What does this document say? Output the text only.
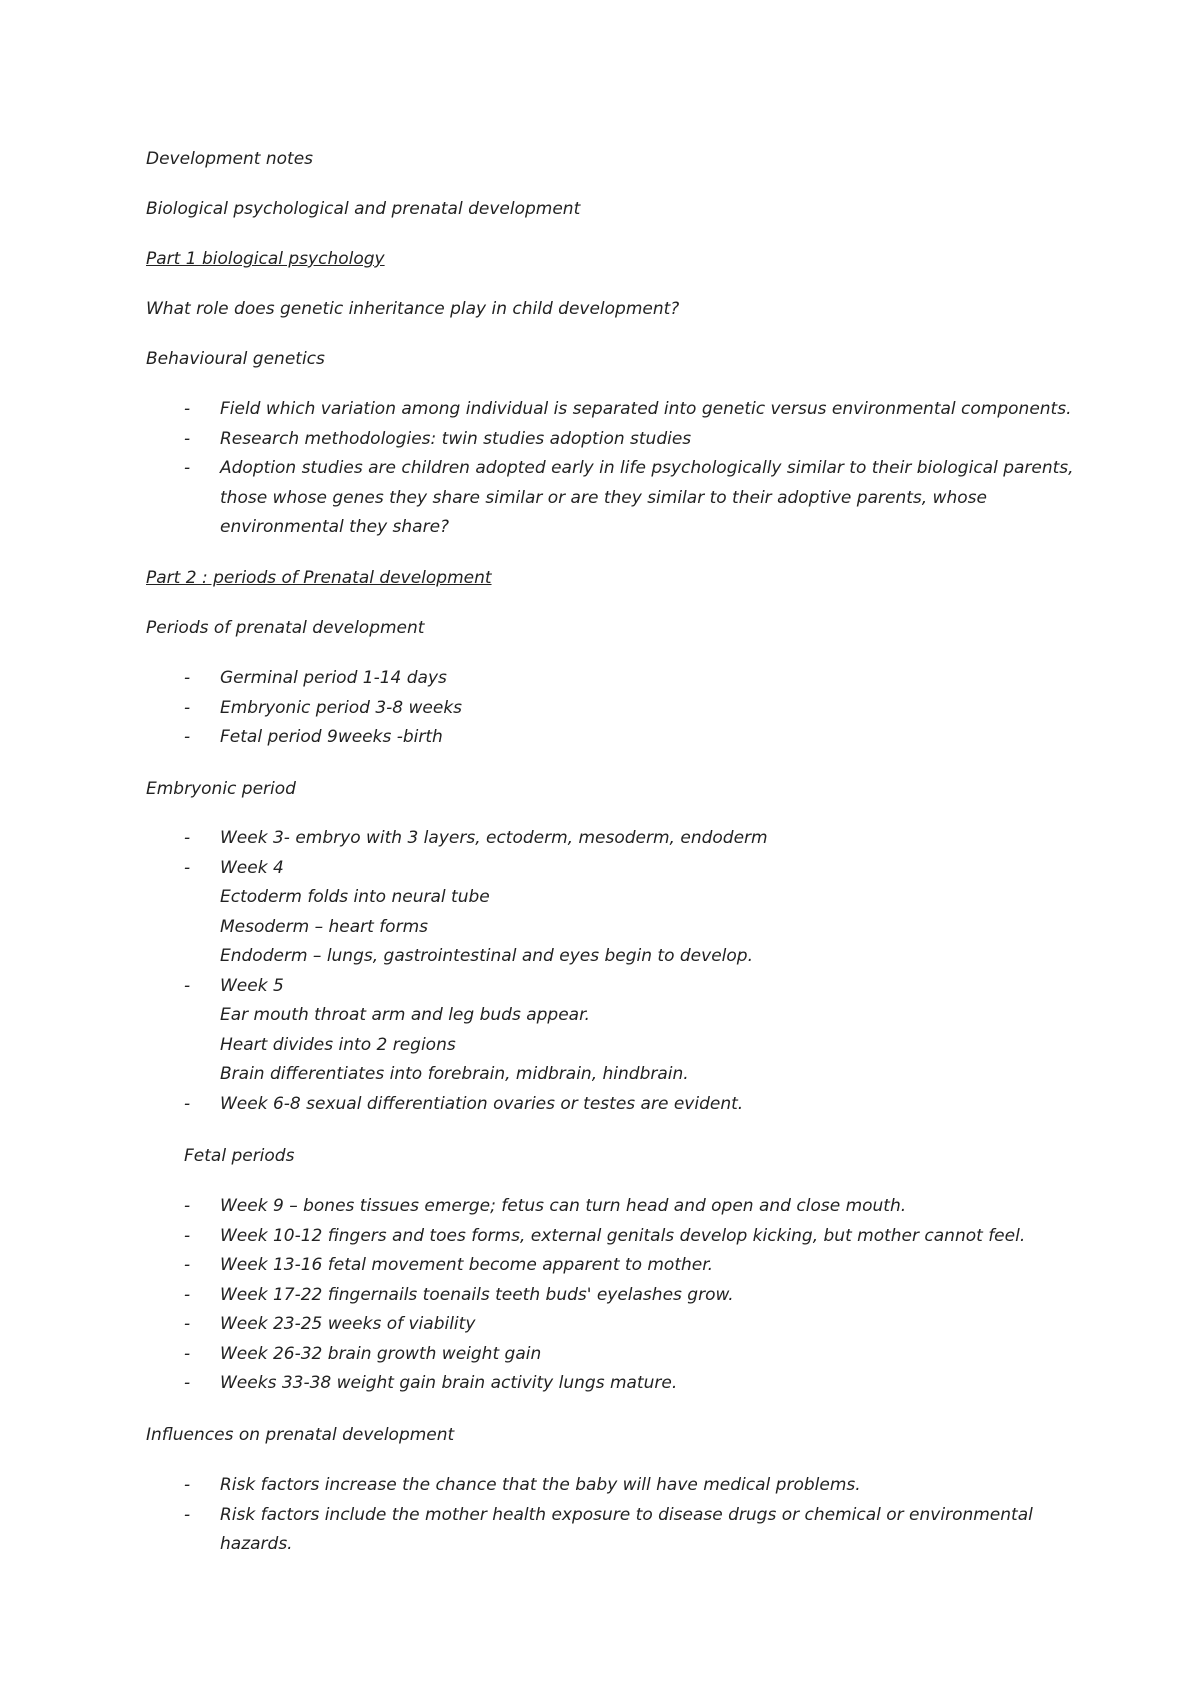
Development notes
Biological psychological and prenatal development
Part 1 biological psychology
What role does genetic inheritance play in child development?
Behavioural genetics
- Field which variation among individual is separated into genetic versus environmental components.
- Research methodologies: twin studies adoption studies
- Adoption studies are children adopted early in life psychologically similar to their biological parents,
those whose genes they share similar or are they similar to their adoptive parents, whose
environmental they share?
Part 2 : periods of Prenatal development
Periods of prenatal development
- Germinal period 1-14 days
- Embryonic period 3-8 weeks
- Fetal period 9weeks -birth
Embryonic period
- Week 3- embryo with 3 layers, ectoderm, mesoderm, endoderm
- Week 4
Ectoderm folds into neural tube
Mesoderm – heart forms
Endoderm – lungs, gastrointestinal and eyes begin to develop.
- Week 5
Ear mouth throat arm and leg buds appear.
Heart divides into 2 regions
Brain differentiates into forebrain, midbrain, hindbrain.
- Week 6-8 sexual differentiation ovaries or testes are evident.
Fetal periods
- Week 9 – bones tissues emerge; fetus can turn head and open and close mouth.
- Week 10-12 fingers and toes forms, external genitals develop kicking, but mother cannot feel.
- Week 13-16 fetal movement become apparent to mother.
- Week 17-22 fingernails toenails teeth buds' eyelashes grow.
- Week 23-25 weeks of viability
- Week 26-32 brain growth weight gain
- Weeks 33-38 weight gain brain activity lungs mature.
Influences on prenatal development
- Risk factors increase the chance that the baby will have medical problems.
- Risk factors include the mother health exposure to disease drugs or chemical or environmental
hazards.
